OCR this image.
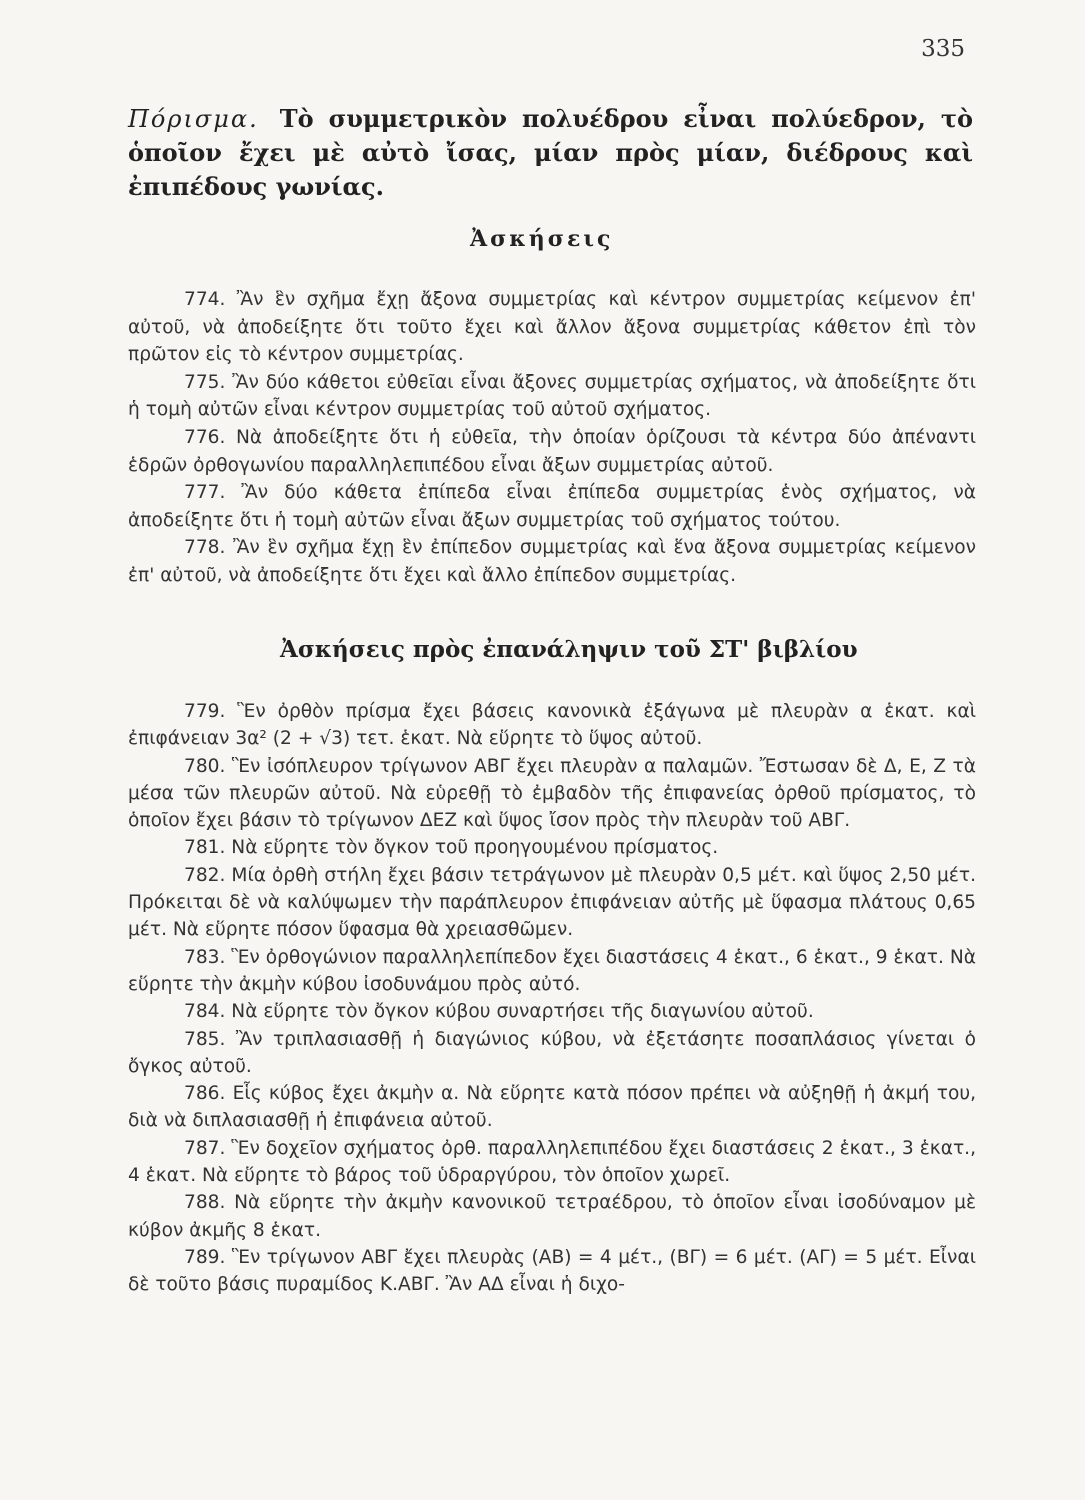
335
Πόρισμα. Τὸ συμμετρικὸν πολυέδρου εἶναι πολύεδρον, τὸ ὁποῖον ἔχει μὲ αὐτὸ ἴσας, μίαν πρὸς μίαν, διέδρους καὶ ἐπιπέδους γωνίας.
Ἀσκήσεις

774. Ἂν ἓν σχῆμα ἔχῃ ἄξονα συμμετρίας καὶ κέντρον συμμετρίας κείμενον ἐπ' αὐτοῦ, νὰ ἀποδείξητε ὅτι τοῦτο ἔχει καὶ ἄλλον ἄξονα συμμετρίας κάθετον ἐπὶ τὸν πρῶτον εἰς τὸ κέντρον συμμετρίας.

775. Ἂν δύο κάθετοι εὐθεῖαι εἶναι ἄξονες συμμετρίας σχήματος, νὰ ἀποδείξητε ὅτι ἡ τομὴ αὐτῶν εἶναι κέντρον συμμετρίας τοῦ αὐτοῦ σχήματος.

776. Νὰ ἀποδείξητε ὅτι ἡ εὐθεῖα, τὴν ὁποίαν ὁρίζουσι τὰ κέντρα δύο ἀπέναντι ἑδρῶν ὀρθογωνίου παραλληλεπιπέδου εἶναι ἄξων συμμετρίας αὐτοῦ.

777. Ἂν δύο κάθετα ἐπίπεδα εἶναι ἐπίπεδα συμμετρίας ἑνὸς σχήματος, νὰ ἀποδείξητε ὅτι ἡ τομὴ αὐτῶν εἶναι ἄξων συμμετρίας τοῦ σχήματος τούτου.

778. Ἂν ἓν σχῆμα ἔχῃ ἓν ἐπίπεδον συμμετρίας καὶ ἕνα ἄξονα συμμετρίας κείμενον ἐπ' αὐτοῦ, νὰ ἀποδείξητε ὅτι ἔχει καὶ ἄλλο ἐπίπεδον συμμετρίας.

Ἀσκήσεις πρὸς ἐπανάληψιν τοῦ ΣΤ' βιβλίου

779. Ἓν ὀρθὸν πρίσμα ἔχει βάσεις κανονικὰ ἑξάγωνα μὲ πλευρὰν α ἑκατ. καὶ ἐπιφάνειαν 3α² (2 + √3) τετ. ἑκατ. Νὰ εὕρητε τὸ ὕψος αὐτοῦ.

780. Ἓν ἰσόπλευρον τρίγωνον ΑΒΓ ἔχει πλευρὰν α παλαμῶν. Ἔστωσαν δὲ Δ, Ε, Ζ τὰ μέσα τῶν πλευρῶν αὐτοῦ. Νὰ εὑρεθῇ τὸ ἐμβαδὸν τῆς ἐπιφανείας ὀρθοῦ πρίσματος, τὸ ὁποῖον ἔχει βάσιν τὸ τρίγωνον ΔΕΖ καὶ ὕψος ἴσον πρὸς τὴν πλευρὰν τοῦ ΑΒΓ.

781. Νὰ εὕρητε τὸν ὄγκον τοῦ προηγουμένου πρίσματος.

782. Μία ὀρθὴ στήλη ἔχει βάσιν τετράγωνον μὲ πλευρὰν 0,5 μέτ. καὶ ὕψος 2,50 μέτ. Πρόκειται δὲ νὰ καλύψωμεν τὴν παράπλευρον ἐπιφάνειαν αὐτῆς μὲ ὕφασμα πλάτους 0,65 μέτ. Νὰ εὕρητε πόσον ὕφασμα θὰ χρειασθῶμεν.

783. Ἓν ὀρθογώνιον παραλληλεπίπεδον ἔχει διαστάσεις 4 ἑκατ., 6 ἑκατ., 9 ἑκατ. Νὰ εὕρητε τὴν ἀκμὴν κύβου ἰσοδυνάμου πρὸς αὐτό.

784. Νὰ εὕρητε τὸν ὄγκον κύβου συναρτήσει τῆς διαγωνίου αὐτοῦ.

785. Ἂν τριπλασιασθῇ ἡ διαγώνιος κύβου, νὰ ἐξετάσητε ποσαπλάσιος γίνεται ὁ ὄγκος αὐτοῦ.

786. Εἷς κύβος ἔχει ἀκμὴν α. Νὰ εὕρητε κατὰ πόσον πρέπει νὰ αὐξηθῇ ἡ ἀκμή του, διὰ νὰ διπλασιασθῇ ἡ ἐπιφάνεια αὐτοῦ.

787. Ἓν δοχεῖον σχήματος ὀρθ. παραλληλεπιπέδου ἔχει διαστάσεις 2 ἑκατ., 3 ἑκατ., 4 ἑκατ. Νὰ εὕρητε τὸ βάρος τοῦ ὑδραργύρου, τὸν ὁποῖον χωρεῖ.

788. Νὰ εὕρητε τὴν ἀκμὴν κανονικοῦ τετραέδρου, τὸ ὁποῖον εἶναι ἰσοδύναμον μὲ κύβον ἀκμῆς 8 ἑκατ.

789. Ἓν τρίγωνον ΑΒΓ ἔχει πλευρὰς (ΑΒ) = 4 μέτ., (ΒΓ) = 6 μέτ. (ΑΓ) = 5 μέτ. Εἶναι δὲ τοῦτο βάσις πυραμίδος Κ.ΑΒΓ. Ἂν ΑΔ εἶναι ἡ διχο-
